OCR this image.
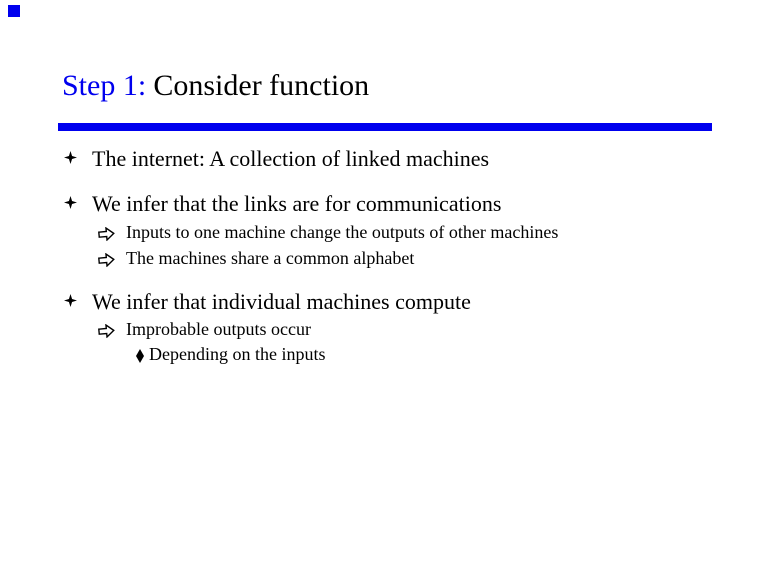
Step 1: Consider function
The internet: A collection of linked machines
We infer that the links are for communications
Inputs to one machine change the outputs of other machines
The machines share a common alphabet
We infer that individual machines compute
Improbable outputs occur
Depending on the inputs
